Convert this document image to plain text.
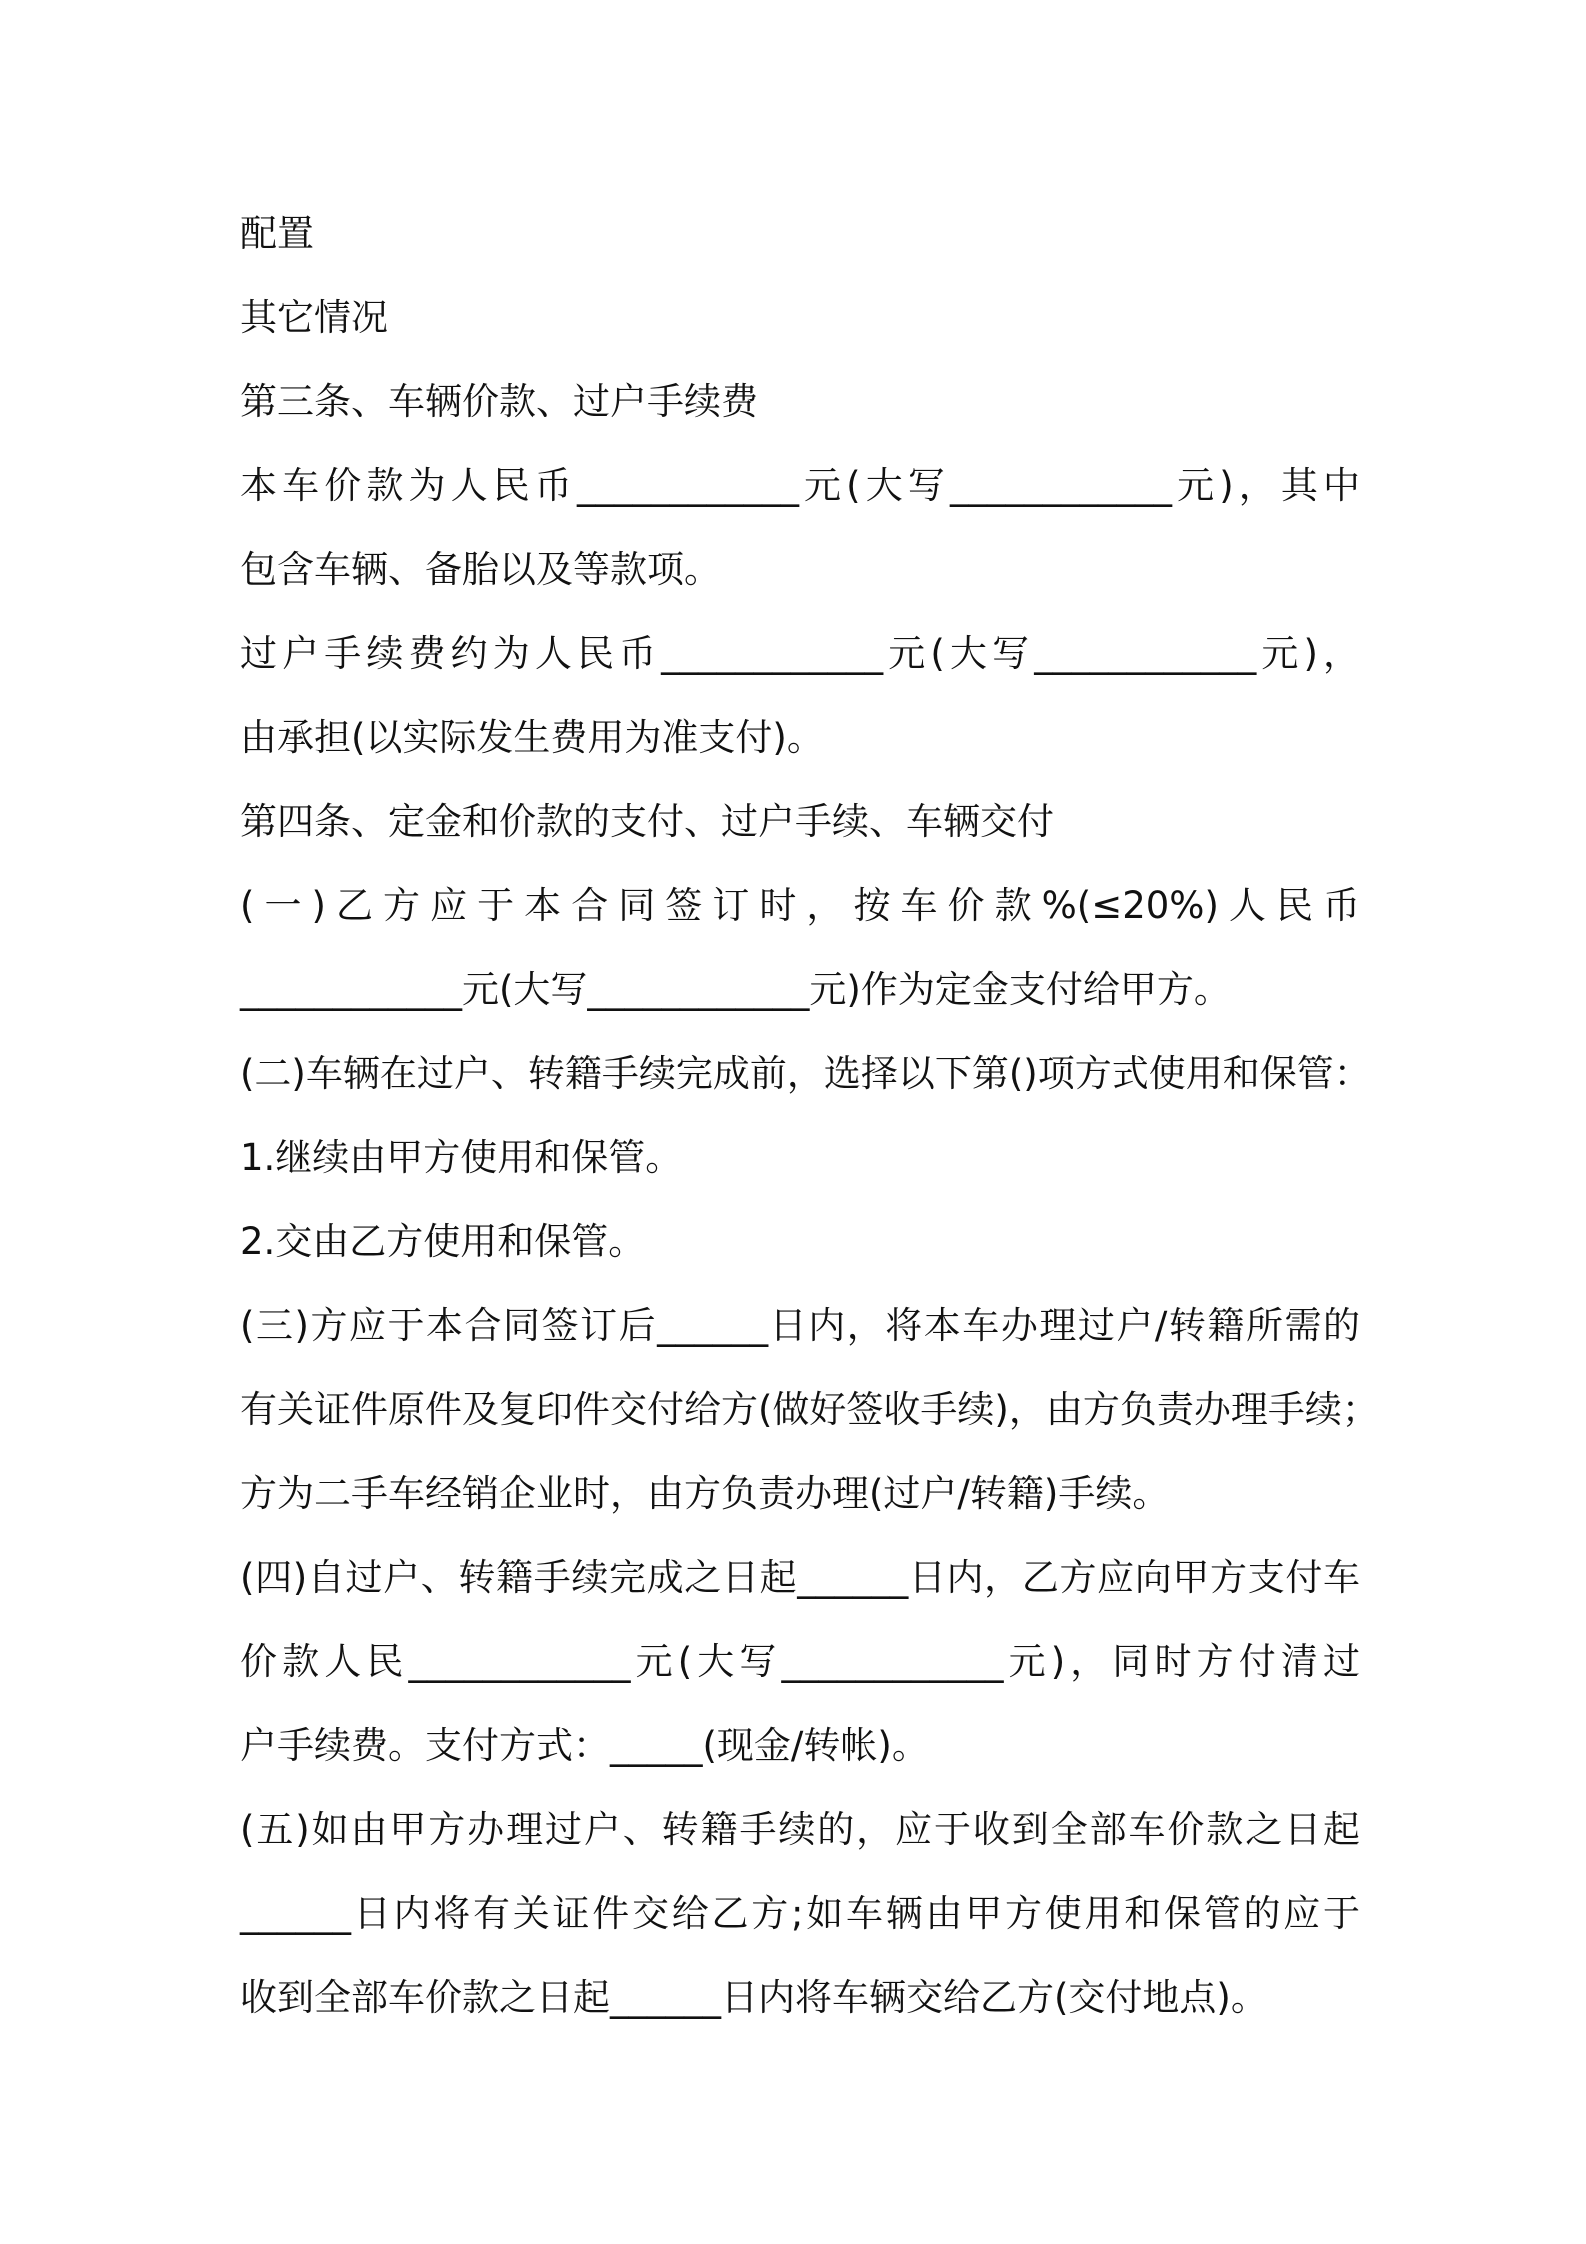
配置

其它情况

第三条、车辆价款、过户手续费

本车价款为人民币____________元(大写____________元)，其中

包含车辆、备胎以及等款项。

过户手续费约为人民币____________元(大写____________元)，

由承担(以实际发生费用为准支付)。

第四条、定金和价款的支付、过户手续、车辆交付

(一)乙方应于本合同签订时，按车价款%(≤20%)人民币

____________元(大写____________元)作为定金支付给甲方。

(二)车辆在过户、转籍手续完成前，选择以下第()项方式使用和保管：

1.继续由甲方使用和保管。

2.交由乙方使用和保管。

(三)方应于本合同签订后______日内，将本车办理过户/转籍所需的

有关证件原件及复印件交付给方(做好签收手续)，由方负责办理手续；

方为二手车经销企业时，由方负责办理(过户/转籍)手续。

(四)自过户、转籍手续完成之日起______日内，乙方应向甲方支付车

价款人民____________元(大写____________元)，同时方付清过

户手续费。支付方式：_____(现金/转帐)。

(五)如由甲方办理过户、转籍手续的，应于收到全部车价款之日起

______日内将有关证件交给乙方;如车辆由甲方使用和保管的应于

收到全部车价款之日起______日内将车辆交给乙方(交付地点)。
